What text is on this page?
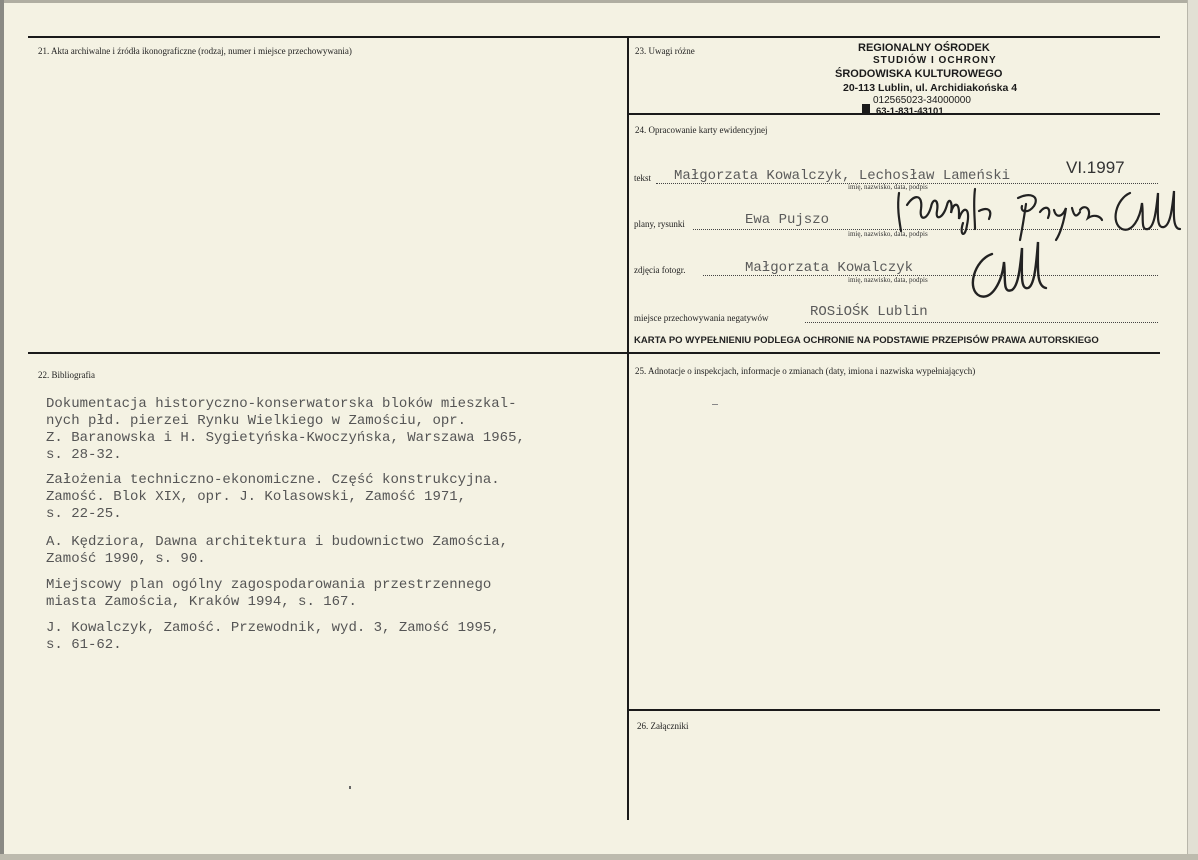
21. Akta archiwalne i źródła ikonograficzne (rodzaj, numer i miejsce przechowywania)	23. Uwagi różne
24. Opracowanie karty ewidencyjnej
22. Bibliografia	25. Adnotacje o inspekcjach, informacje o zmianach (daty, imiona i nazwiska wypełniających)
26. Załączniki
REGIONALNY OŚRODEK
STUDIÓW I OCHRONY
ŚRODOWISKA KULTUROWEGO
20-113 Lublin, ul. Archidiakońska 4
012565023-34000000
63-1-831-43101
tekst Małgorzata Kowalczyk, Lechosław Lameński	VI.1997
imię, nazwisko, data, podpis
plany, rysunki	Ewa Pujszo
imię, nazwisko, data, podpis
zdjęcia fotogr.	Małgorzata Kowalczyk
imię, nazwisko, data, podpis
miejsce przechowywania negatywów	ROSiOŚK Lublin
KARTA PO WYPEŁNIENIU PODLEGA OCHRONIE NA PODSTAWIE PRZEPISÓW PRAWA AUTORSKIEGO
Dokumentacja historyczno-konserwatorska bloków mieszkal-
nych płd. pierzei Rynku Wielkiego w Zamościu, opr.
Z. Baranowska i H. Sygietyńska-Kwoczyńska, Warszawa 1965,
s. 28-32.
Założenia techniczno-ekonomiczne. Część konstrukcyjna.
Zamość. Blok XIX, opr. J. Kolasowski, Zamość 1971,
s. 22-25.
A. Kędziora, Dawna architektura i budownictwo Zamościa,
Zamość 1990, s. 90.
Miejscowy plan ogólny zagospodarowania przestrzennego
miasta Zamościa, Kraków 1994, s. 167.
J. Kowalczyk, Zamość. Przewodnik, wyd. 3, Zamość 1995,
s. 61-62.
